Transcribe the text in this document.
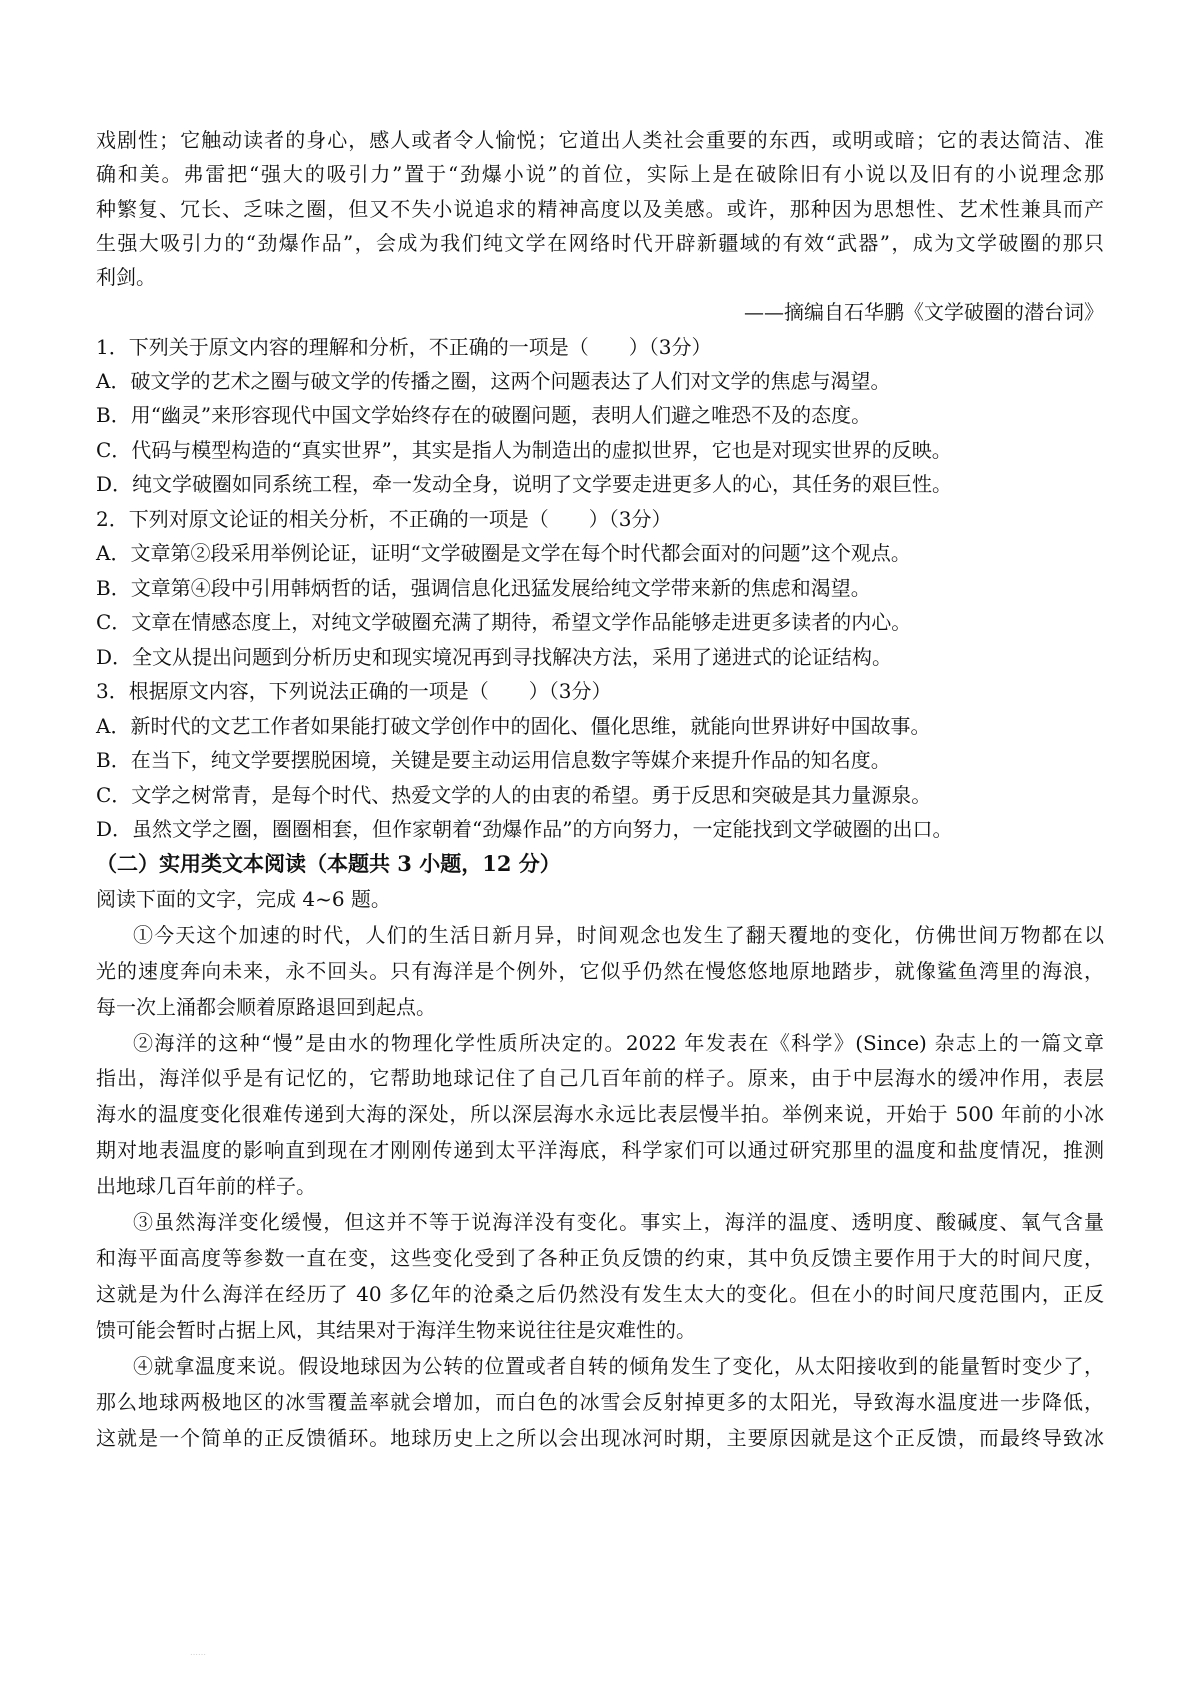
戏剧性；它触动读者的身心，感人或者令人愉悦；它道出人类社会重要的东西，或明或暗；它的表达简洁、准
确和美。弗雷把“强大的吸引力”置于“劲爆小说”的首位，实际上是在破除旧有小说以及旧有的小说理念那
种繁复、冗长、乏味之圈，但又不失小说追求的精神高度以及美感。或许，那种因为思想性、艺术性兼具而产
生强大吸引力的“劲爆作品”，会成为我们纯文学在网络时代开辟新疆域的有效“武器”，成为文学破圈的那只
利剑。
——摘编自石华鹏《文学破圈的潜台词》
1．下列关于原文内容的理解和分析，不正确的一项是（　　）（3分）
A．破文学的艺术之圈与破文学的传播之圈，这两个问题表达了人们对文学的焦虑与渴望。
B．用“幽灵”来形容现代中国文学始终存在的破圈问题，表明人们避之唯恐不及的态度。
C．代码与模型构造的“真实世界”，其实是指人为制造出的虚拟世界，它也是对现实世界的反映。
D．纯文学破圈如同系统工程，牵一发动全身，说明了文学要走进更多人的心，其任务的艰巨性。
2．下列对原文论证的相关分析，不正确的一项是（　　）（3分）
A．文章第②段采用举例论证，证明“文学破圈是文学在每个时代都会面对的问题”这个观点。
B．文章第④段中引用韩炳哲的话，强调信息化迅猛发展给纯文学带来新的焦虑和渴望。
C．文章在情感态度上，对纯文学破圈充满了期待，希望文学作品能够走进更多读者的内心。
D．全文从提出问题到分析历史和现实境况再到寻找解决方法，采用了递进式的论证结构。
3．根据原文内容，下列说法正确的一项是（　　）（3分）
A．新时代的文艺工作者如果能打破文学创作中的固化、僵化思维，就能向世界讲好中国故事。
B．在当下，纯文学要摆脱困境，关键是要主动运用信息数字等媒介来提升作品的知名度。
C．文学之树常青，是每个时代、热爱文学的人的由衷的希望。勇于反思和突破是其力量源泉。
D．虽然文学之圈，圈圈相套，但作家朝着“劲爆作品”的方向努力，一定能找到文学破圈的出口。
（二）实用类文本阅读（本题共 3 小题，12 分）
阅读下面的文字，完成 4~6 题。
①今天这个加速的时代，人们的生活日新月异，时间观念也发生了翻天覆地的变化，仿佛世间万物都在以
光的速度奔向未来，永不回头。只有海洋是个例外，它似乎仍然在慢悠悠地原地踏步，就像鲨鱼湾里的海浪，
每一次上涌都会顺着原路退回到起点。
②海洋的这种“慢”是由水的物理化学性质所决定的。2022 年发表在《科学》(Since) 杂志上的一篇文章
指出，海洋似乎是有记忆的，它帮助地球记住了自己几百年前的样子。原来，由于中层海水的缓冲作用，表层
海水的温度变化很难传递到大海的深处，所以深层海水永远比表层慢半拍。举例来说，开始于 500 年前的小冰
期对地表温度的影响直到现在才刚刚传递到太平洋海底，科学家们可以通过研究那里的温度和盐度情况，推测
出地球几百年前的样子。
③虽然海洋变化缓慢，但这并不等于说海洋没有变化。事实上，海洋的温度、透明度、酸碱度、氧气含量
和海平面高度等参数一直在变，这些变化受到了各种正负反馈的约束，其中负反馈主要作用于大的时间尺度，
这就是为什么海洋在经历了 40 多亿年的沧桑之后仍然没有发生太大的变化。但在小的时间尺度范围内，正反
馈可能会暂时占据上风，其结果对于海洋生物来说往往是灾难性的。
④就拿温度来说。假设地球因为公转的位置或者自转的倾角发生了变化，从太阳接收到的能量暂时变少了，
那么地球两极地区的冰雪覆盖率就会增加，而白色的冰雪会反射掉更多的太阳光，导致海水温度进一步降低，
这就是一个简单的正反馈循环。地球历史上之所以会出现冰河时期，主要原因就是这个正反馈，而最终导致冰
……
